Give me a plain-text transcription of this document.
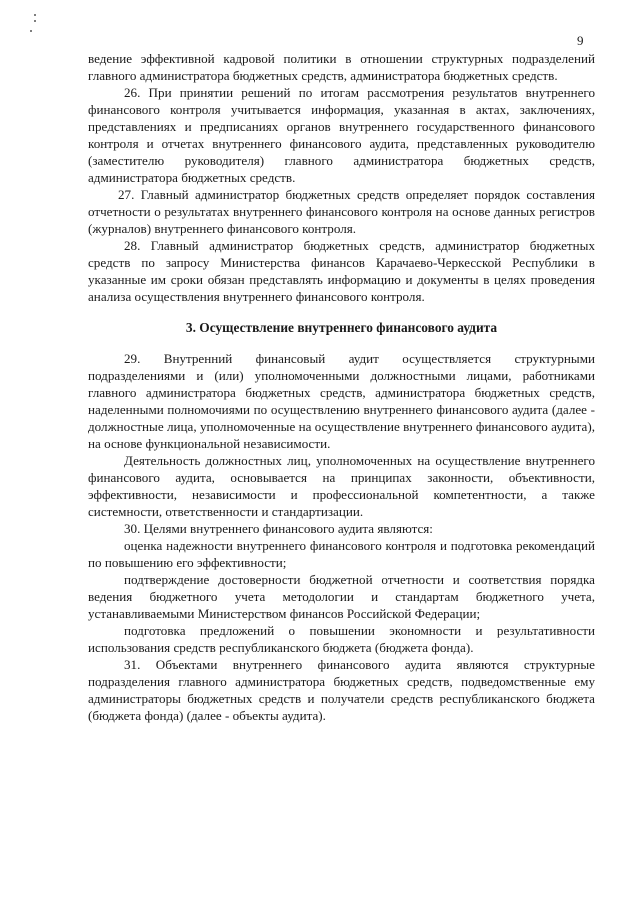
9

ведение эффективной кадровой политики в отношении структурных подразделений главного администратора бюджетных средств, администратора бюджетных средств.

26. При принятии решений по итогам рассмотрения результатов внутреннего финансового контроля учитывается информация, указанная в актах, заключениях, представлениях и предписаниях органов внутреннего государственного финансового контроля и отчетах внутреннего финансового аудита, представленных руководителю (заместителю руководителя) главного администратора бюджетных средств, администратора бюджетных средств.

27. Главный администратор бюджетных средств определяет порядок составления отчетности о результатах внутреннего финансового контроля на основе данных регистров (журналов) внутреннего финансового контроля.

28. Главный администратор бюджетных средств, администратор бюджетных средств по запросу Министерства финансов Карачаево-Черкесской Республики в указанные им сроки обязан представлять информацию и документы в целях проведения анализа осуществления внутреннего финансового контроля.

3. Осуществление внутреннего финансового аудита

29. Внутренний финансовый аудит осуществляется структурными подразделениями и (или) уполномоченными должностными лицами, работниками главного администратора бюджетных средств, администратора бюджетных средств, наделенными полномочиями по осуществлению внутреннего финансового аудита (далее - должностные лица, уполномоченные на осуществление внутреннего финансового аудита), на основе функциональной независимости.

Деятельность должностных лиц, уполномоченных на осуществление внутреннего финансового аудита, основывается на принципах законности, объективности, эффективности, независимости и профессиональной компетентности, а также системности, ответственности и стандартизации.

30. Целями внутреннего финансового аудита являются:

оценка надежности внутреннего финансового контроля и подготовка рекомендаций по повышению его эффективности;

подтверждение достоверности бюджетной отчетности и соответствия порядка ведения бюджетного учета методологии и стандартам бюджетного учета, устанавливаемыми Министерством финансов Российской Федерации;

подготовка предложений о повышении экономности и результативности использования средств республиканского бюджета (бюджета фонда).

31. Объектами внутреннего финансового аудита являются структурные подразделения главного администратора бюджетных средств, подведомственные ему администраторы бюджетных средств и получатели средств республиканского бюджета (бюджета фонда) (далее - объекты аудита).
